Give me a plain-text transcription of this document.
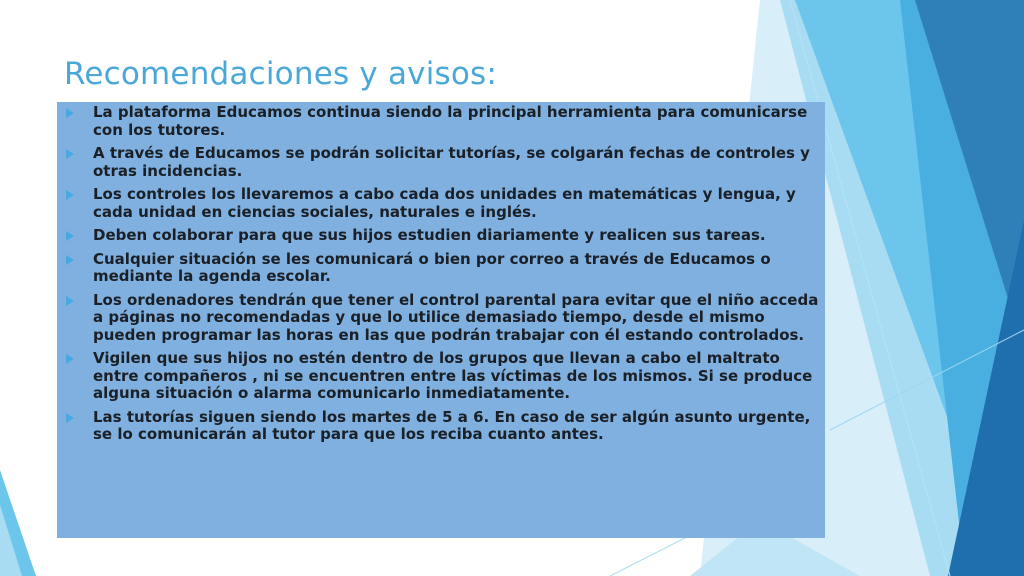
Recomendaciones y avisos:
La plataforma Educamos continua siendo la principal herramienta para comunicarse con los tutores.
A través de Educamos se podrán solicitar tutorías, se colgarán fechas de controles y otras incidencias.
Los controles los llevaremos a cabo cada dos unidades en matemáticas y lengua, y cada unidad en ciencias sociales, naturales e inglés.
Deben colaborar para que sus hijos estudien diariamente y realicen sus tareas.
Cualquier situación se les comunicará o bien por correo a través de Educamos o mediante la agenda escolar.
Los ordenadores tendrán que tener el control parental para evitar que el niño acceda a páginas no recomendadas y que lo utilice demasiado tiempo, desde el mismo pueden programar las horas en las que podrán trabajar con él estando controlados.
Vigilen que sus hijos no estén dentro de los grupos que llevan a cabo el maltrato entre compañeros , ni se encuentren entre las víctimas de los mismos. Si se produce alguna situación o alarma comunicarlo inmediatamente.
Las tutorías siguen siendo los martes de 5 a 6. En caso de ser algún asunto urgente, se lo comunicarán al tutor para que los reciba cuanto antes.
